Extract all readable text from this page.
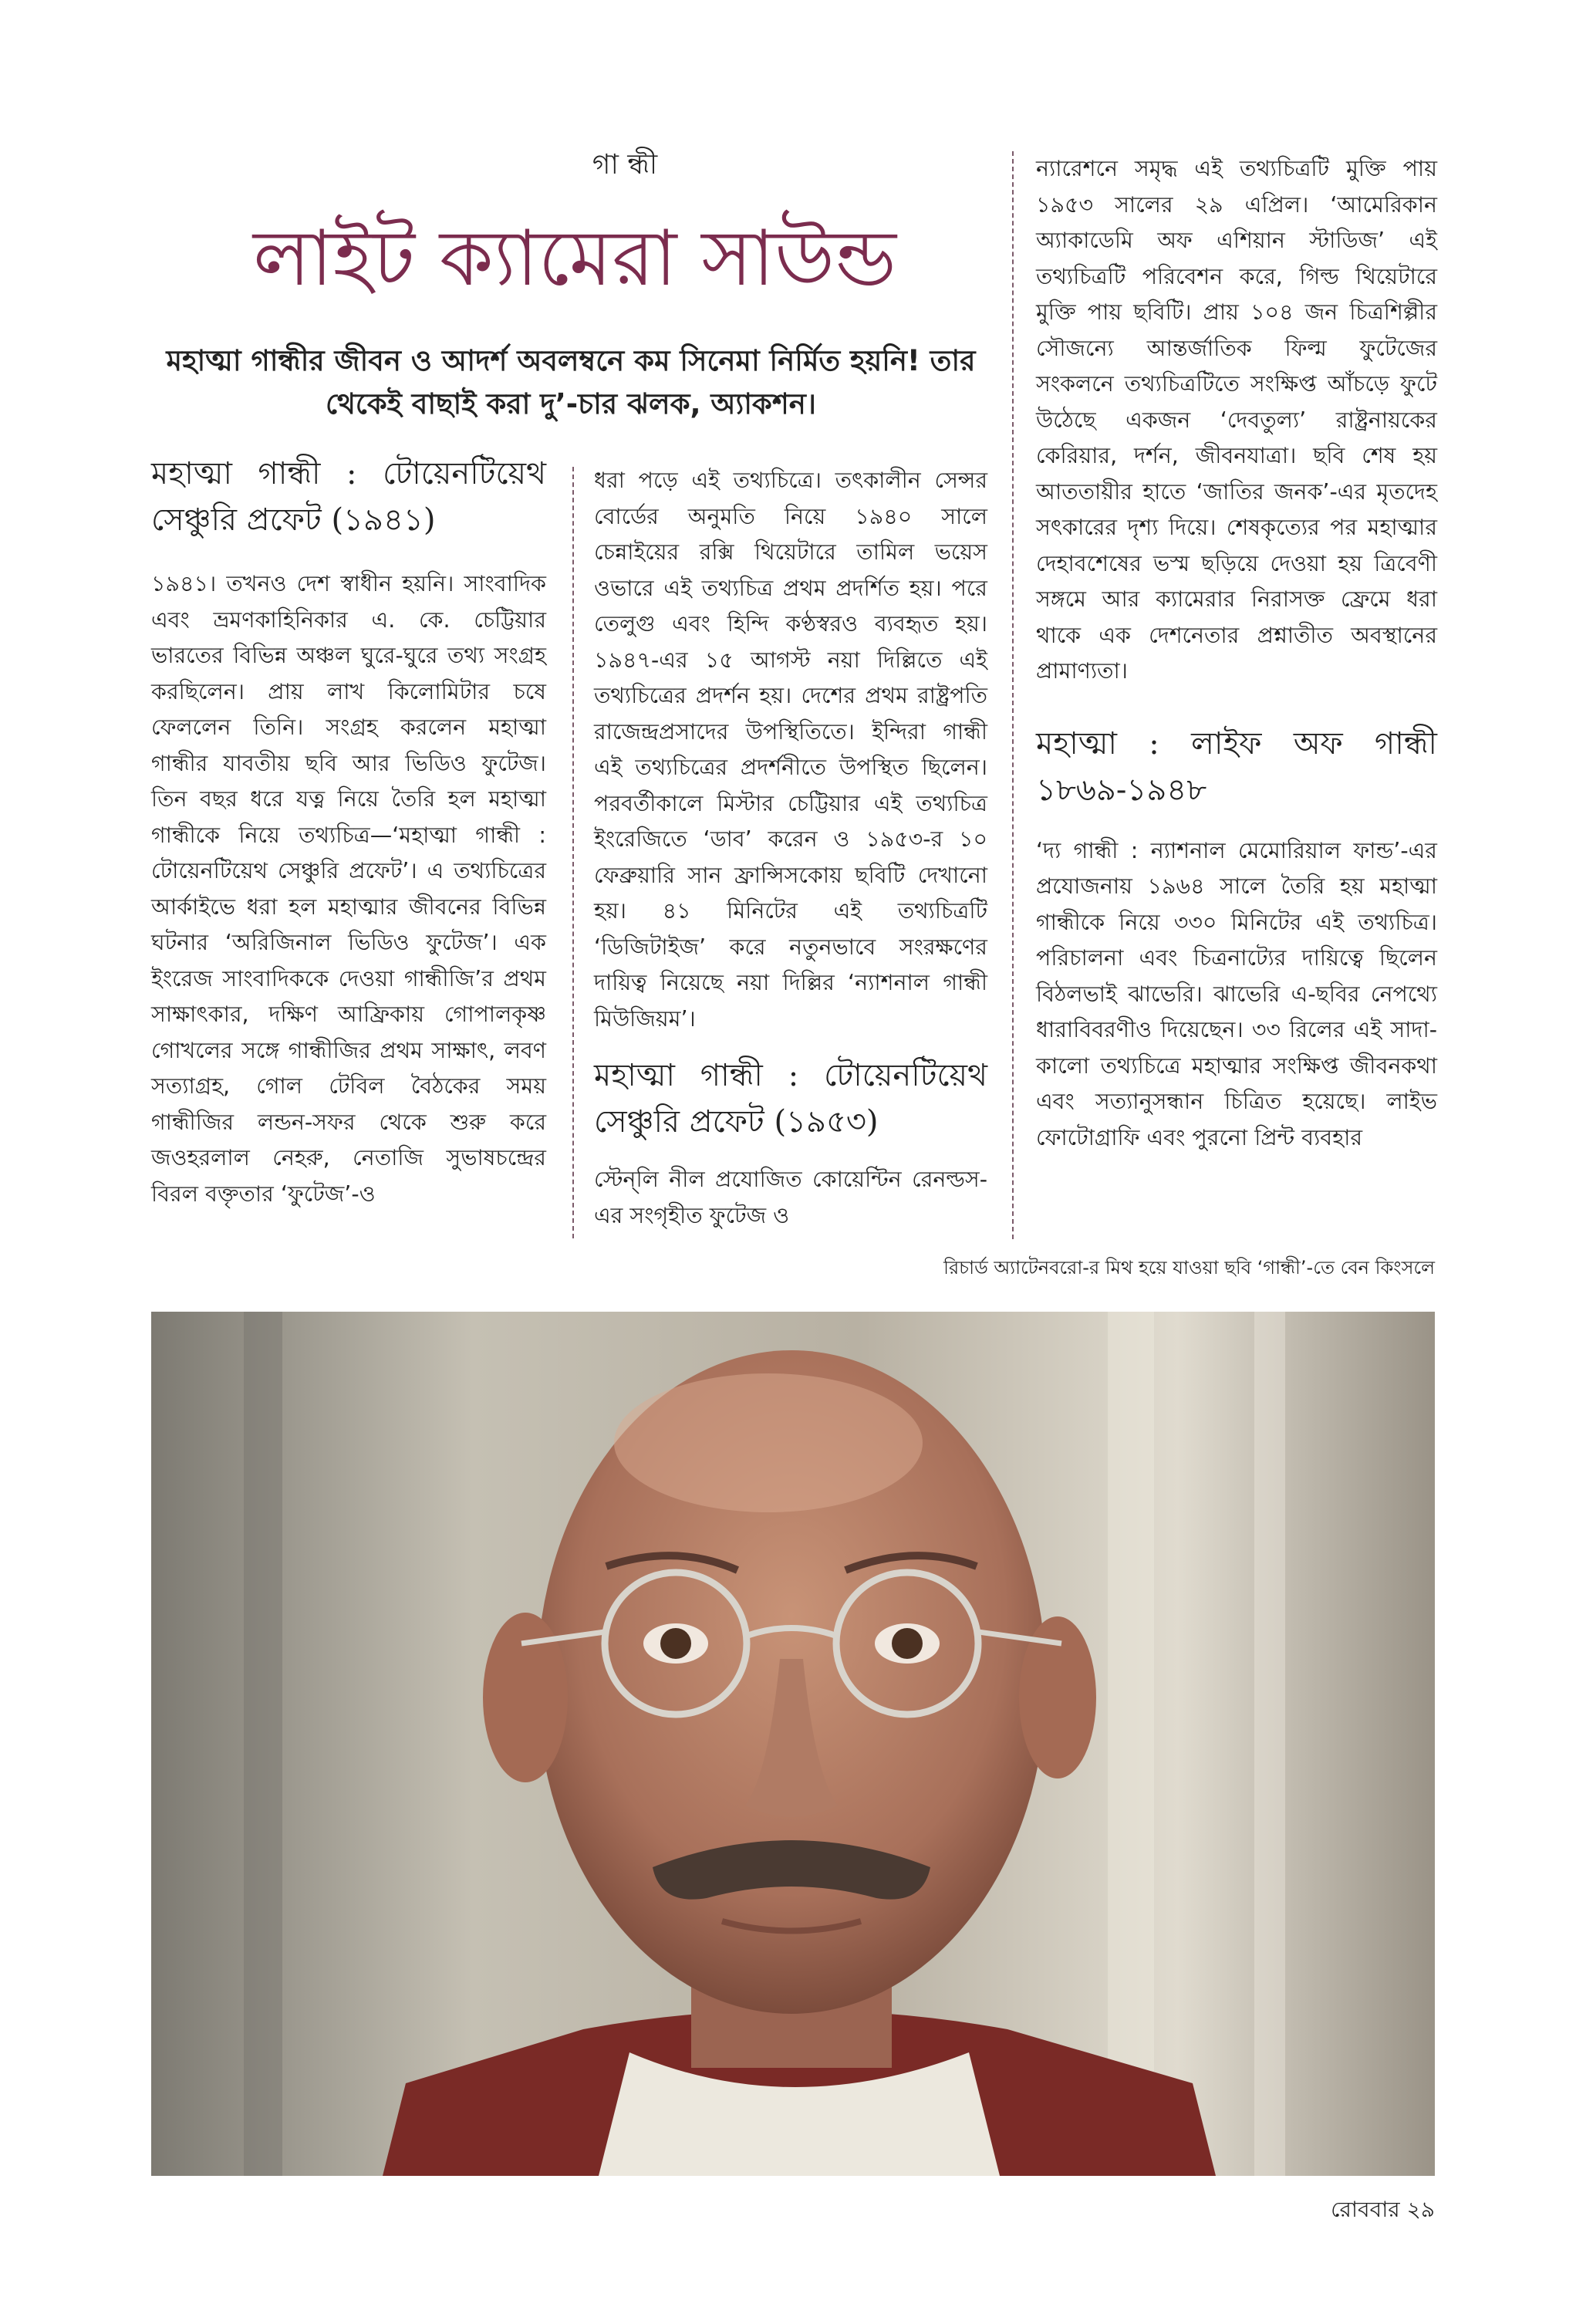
গা ন্ধী
লাইট ক্যামেরা সাউন্ড
মহাত্মা গান্ধীর জীবন ও আদর্শ অবলম্বনে কম সিনেমা নির্মিত হয়নি! তার থেকেই বাছাই করা দু’-চার ঝলক, অ্যাকশন।

মহাত্মা গান্ধী : টোয়েনটিয়েথ সেঞ্চুরি প্রফেট (১৯৪১)

১৯৪১। তখনও দেশ স্বাধীন হয়নি। সাংবাদিক এবং ভ্রমণকাহিনিকার এ. কে. চেট্টিয়ার ভারতের বিভিন্ন অঞ্চল ঘুরে-ঘুরে তথ্য সংগ্রহ করছিলেন। প্রায় লাখ কিলোমিটার চষে ফেললেন তিনি। সংগ্রহ করলেন মহাত্মা গান্ধীর যাবতীয় ছবি আর ভিডিও ফুটেজ। তিন বছর ধরে যত্ন নিয়ে তৈরি হল মহাত্মা গান্ধীকে নিয়ে তথ্যচিত্র—‘মহাত্মা গান্ধী : টোয়েনটিয়েথ সেঞ্চুরি প্রফেট’। এ তথ্যচিত্রের আর্কাইভে ধরা হল মহাত্মার জীবনের বিভিন্ন ঘটনার ‘অরিজিনাল ভিডিও ফুটেজ’। এক ইংরেজ সাংবাদিককে দেওয়া গান্ধীজি’র প্রথম সাক্ষাৎকার, দক্ষিণ আফ্রিকায় গোপালকৃষ্ণ গোখলের সঙ্গে গান্ধীজির প্রথম সাক্ষাৎ, লবণ সত্যাগ্রহ, গোল টেবিল বৈঠকের সময় গান্ধীজির লন্ডন-সফর থেকে শুরু করে জওহরলাল নেহরু, নেতাজি সুভাষচন্দ্রের বিরল বক্তৃতার ‘ফুটেজ’-ও

ধরা পড়ে এই তথ্যচিত্রে। তৎকালীন সেন্সর বোর্ডের অনুমতি নিয়ে ১৯৪০ সালে চেন্নাইয়ের রক্সি থিয়েটারে তামিল ভয়েস ওভারে এই তথ্যচিত্র প্রথম প্রদর্শিত হয়। পরে তেলুগু এবং হিন্দি কণ্ঠস্বরও ব্যবহৃত হয়। ১৯৪৭-এর ১৫ আগস্ট নয়া দিল্লিতে এই তথ্যচিত্রের প্রদর্শন হয়। দেশের প্রথম রাষ্ট্রপতি রাজেন্দ্রপ্রসাদের উপস্থিতিতে। ইন্দিরা গান্ধী এই তথ্যচিত্রের প্রদর্শনীতে উপস্থিত ছিলেন। পরবর্তীকালে মিস্টার চেট্টিয়ার এই তথ্যচিত্র ইংরেজিতে ‘ডাব’ করেন ও ১৯৫৩-র ১০ ফেব্রুয়ারি সান ফ্রান্সিসকোয় ছবিটি দেখানো হয়। ৪১ মিনিটের এই তথ্যচিত্রটি ‘ডিজিটাইজ’ করে নতুনভাবে সংরক্ষণের দায়িত্ব নিয়েছে নয়া দিল্লির ‘ন্যাশনাল গান্ধী মিউজিয়ম’।

মহাত্মা গান্ধী : টোয়েনটিয়েথ সেঞ্চুরি প্রফেট (১৯৫৩)

স্টেন্‌লি নীল প্রযোজিত কোয়েন্টিন রেনল্ডস-এর সংগৃহীত ফুটেজ ও

ন্যারেশনে সমৃদ্ধ এই তথ্যচিত্রটি মুক্তি পায় ১৯৫৩ সালের ২৯ এপ্রিল। ‘আমেরিকান অ্যাকাডেমি অফ এশিয়ান স্টাডিজ’ এই তথ্যচিত্রটি পরিবেশন করে, গিল্ড থিয়েটারে মুক্তি পায় ছবিটি। প্রায় ১০৪ জন চিত্রশিল্পীর সৌজন্যে আন্তর্জাতিক ফিল্ম ফুটেজের সংকলনে তথ্যচিত্রটিতে সংক্ষিপ্ত আঁচড়ে ফুটে উঠেছে একজন ‘দেবতুল্য’ রাষ্ট্রনায়কের কেরিয়ার, দর্শন, জীবনযাত্রা। ছবি শেষ হয় আততায়ীর হাতে ‘জাতির জনক’-এর মৃতদেহ সৎকারের দৃশ্য দিয়ে। শেষকৃত্যের পর মহাত্মার দেহাবশেষের ভস্ম ছড়িয়ে দেওয়া হয় ত্রিবেণী সঙ্গমে আর ক্যামেরার নিরাসক্ত ফ্রেমে ধরা থাকে এক দেশনেতার প্রশ্নাতীত অবস্থানের প্রামাণ্যতা।

মহাত্মা : লাইফ অফ গান্ধী ১৮৬৯-১৯৪৮

‘দ্য গান্ধী : ন্যাশনাল মেমোরিয়াল ফান্ড’-এর প্রযোজনায় ১৯৬৪ সালে তৈরি হয় মহাত্মা গান্ধীকে নিয়ে ৩৩০ মিনিটের এই তথ্যচিত্র। পরিচালনা এবং চিত্রনাট্যের দায়িত্বে ছিলেন বিঠলভাই ঝাভেরি। ঝাভেরি এ-ছবির নেপথ্যে ধারাবিবরণীও দিয়েছেন। ৩৩ রিলের এই সাদা-কালো তথ্যচিত্রে মহাত্মার সংক্ষিপ্ত জীবনকথা এবং সত্যানুসন্ধান চিত্রিত হয়েছে। লাইভ ফোটোগ্রাফি এবং পুরনো প্রিন্ট ব্যবহার

রিচার্ড অ্যাটেনবরো-র মিথ হয়ে যাওয়া ছবি ‘গান্ধী’-তে বেন কিংসলে
রোববার ২৯
